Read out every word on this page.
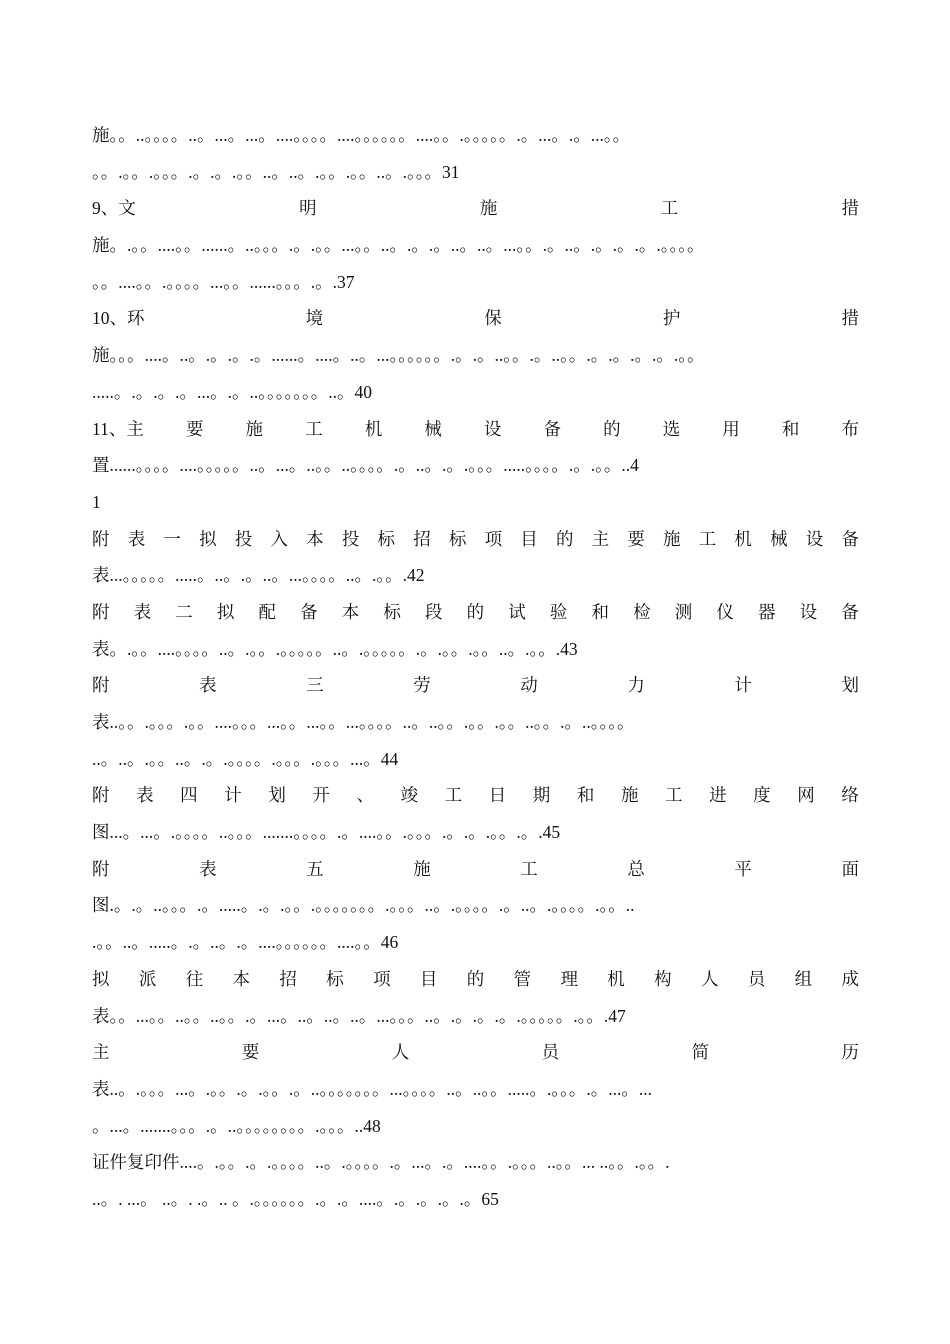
施。。..。。。。..。...。...。....。。。。....。。。。。。....。。.。。。。。.。...。.。...。。
。。.。。.。。。.。.。.。。..。..。.。。.。。..。.。。。31
9、文	明	施	工	措
施。.。。....。。......。..。。。.。.。。...。。..。.。.。..。..。...。。.。..。.。.。.。.。。。。
。。....。。.。。。。...。。......。。。.。.37
10、环	境	保	护	措
施。。。....。..。.。.。.。......。....。..。...。。。。。。.。.。..。。.。..。。.。.。.。.。.。。
.....。.。.。.。...。.。..。。。。。。。..。40
11、主 要 施 工 机 械 设 备 的 选 用 和 布
置......。。。。....。。。。。..。...。..。。..。。。。.。..。.。.。。。.....。。。。.。.。。..4
1
附 表 一 拟 投 入 本 投 标 招 标 项 目 的 主 要 施 工 机 械 设 备
表...。。。。。.....。..。.。..。...。。。。..。.。。.42
附 表 二 拟 配 备 本 标 段 的 试 验 和 检 测 仪 器 设 备
表。.。。....。。。。..。.。。.。。。。。..。.。。。。。.。.。。.。。..。.。。.43
附	表	三	劳	动	力	计	划
表..。。.。。。.。。....。。。...。。...。。...。。。。..。..。。.。。.。。..。。.。..。。。。
..。..。.。。..。.。.。。。。.。。。.。。。...。44
附 表 四 计 划 开 、 竣 工 日 期 和 施 工 进 度 网 络
图...。...。.。。。。..。。。.......。。。。.。....。。.。。。.。.。.。。.。.45
附	表	五	施	工	总	平	面
图.。.。..。。。.。.....。.。.。。.。。。。。。。.。。。..。.。。。。.。..。.。。。。.。。..
.。。..。.....。.。..。.。....。。。。。。....。。46
拟 派 往 本 招 标 项 目 的 管 理 机 构 人 员 组 成
表。。...。。..。。..。。.。...。..。..。..。...。。。..。.。.。.。.。。。。。.。。.47
主	要	人	员	简	历
表..。.。。。...。.。。.。.。。.。..。。。。。。。...。。。。..。..。。.....。.。。。.。...。...
。...。.......。。。.。..。。。。。。。。.。。。..48
证件复印件....。.。。.。.。。。。..。.。。。。.。...。.。....。。.。。。..。。... ..。。.。。.
..。. ...。 ..。. .。.. 。.。。。。。。.。.。....。.。.。.。.。65
